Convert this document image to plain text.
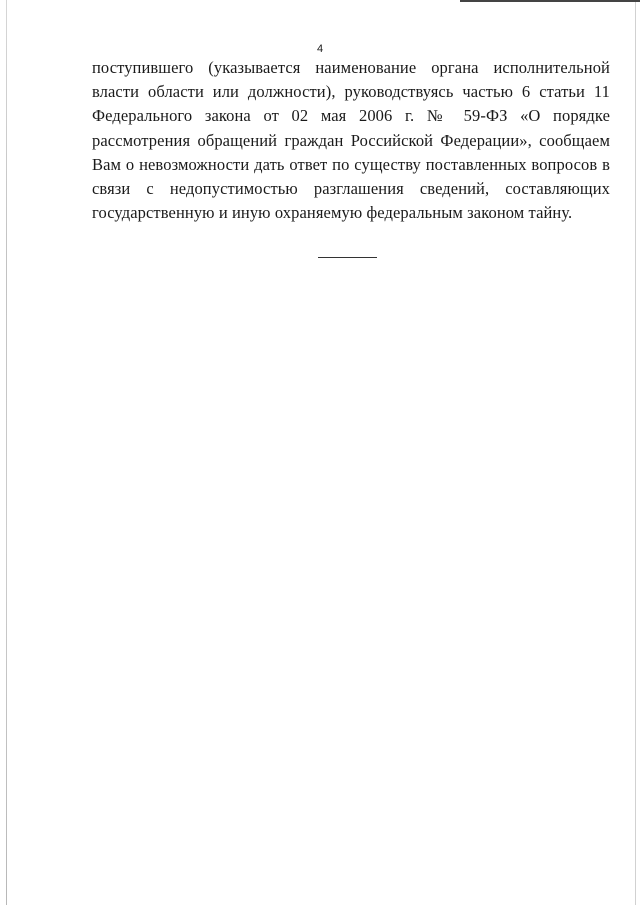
4

поступившего (указывается наименование органа исполнительной власти области или должности), руководствуясь частью 6 статьи 11 Федерального закона от 02 мая 2006 г. № 59-ФЗ «О порядке рассмотрения обращений граждан Российской Федерации», сообщаем Вам о невозможности дать ответ по существу поставленных вопросов в связи с недопустимостью разглашения сведений, составляющих государственную и иную охраняемую федеральным законом тайну.
